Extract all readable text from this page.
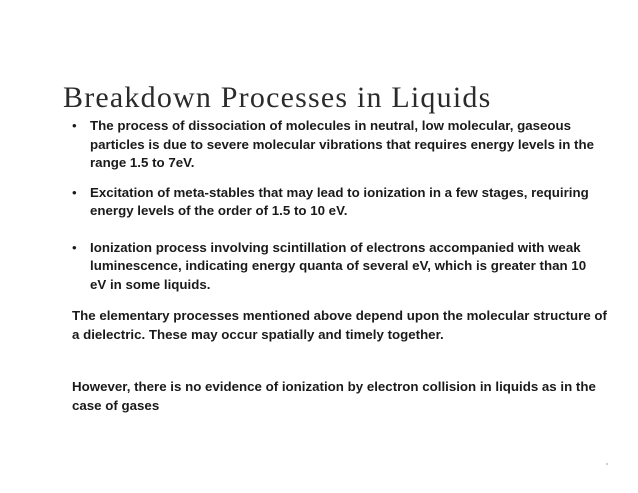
Breakdown Processes in Liquids
• The process of dissociation of molecules in neutral, low molecular, gaseous particles is due to severe molecular vibrations that requires energy levels in the range 1.5 to 7eV.
• Excitation of meta-stables that may lead to ionization in a few stages, requiring energy levels of the order of 1.5 to 10 eV.
• Ionization process involving scintillation of electrons accompanied with weak luminescence, indicating energy quanta of several eV, which is greater than 10 eV in some liquids.

The elementary processes mentioned above depend upon the molecular structure of a dielectric. These may occur spatially and timely together.

However, there is no evidence of ionization by electron collision in liquids as in the case of gases
